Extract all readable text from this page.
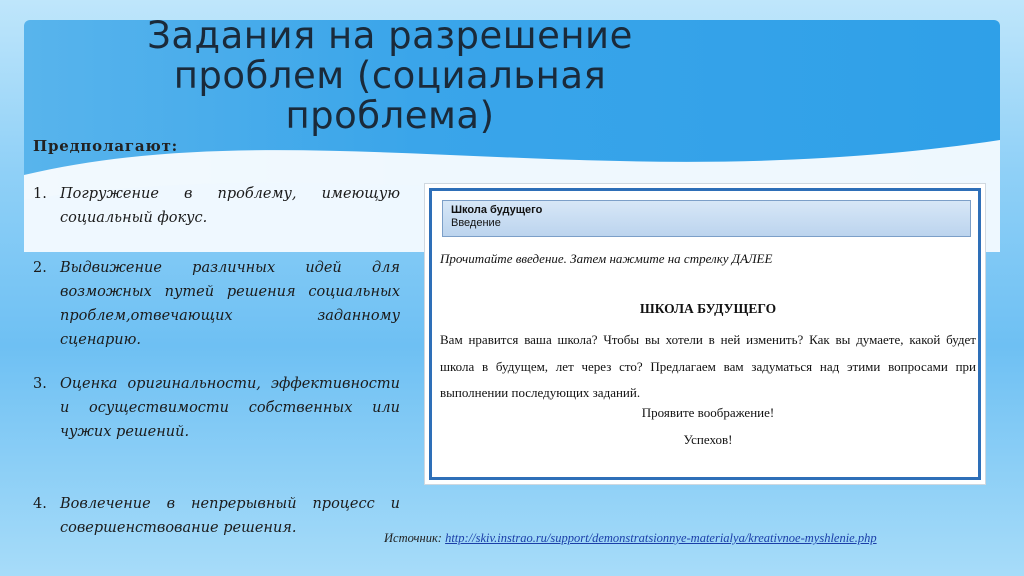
Задания на разрешение проблем (социальная проблема)
Предполагают:
1. Погружение в проблему, имеющую социальный фокус.
2. Выдвижение различных идей для возможных путей решения социальных проблем,отвечающих заданному сценарию.
3. Оценка оригинальности, эффективности и осуществимости собственных или чужих решений.
4. Вовлечение в непрерывный процесс и совершенствование решения.
Школа будущего
Введение
Прочитайте введение. Затем нажмите на стрелку ДАЛЕЕ
ШКОЛА БУДУЩЕГО
Вам нравится ваша школа? Чтобы вы хотели в ней изменить? Как вы думаете, какой будет школа в будущем, лет через сто? Предлагаем вам задуматься над этими вопросами при выполнении последующих заданий.
Проявите воображение!
Успехов!
Источник: http://skiv.instrao.ru/support/demonstratsionnye-materialya/kreativnoe-myshlenie.php
